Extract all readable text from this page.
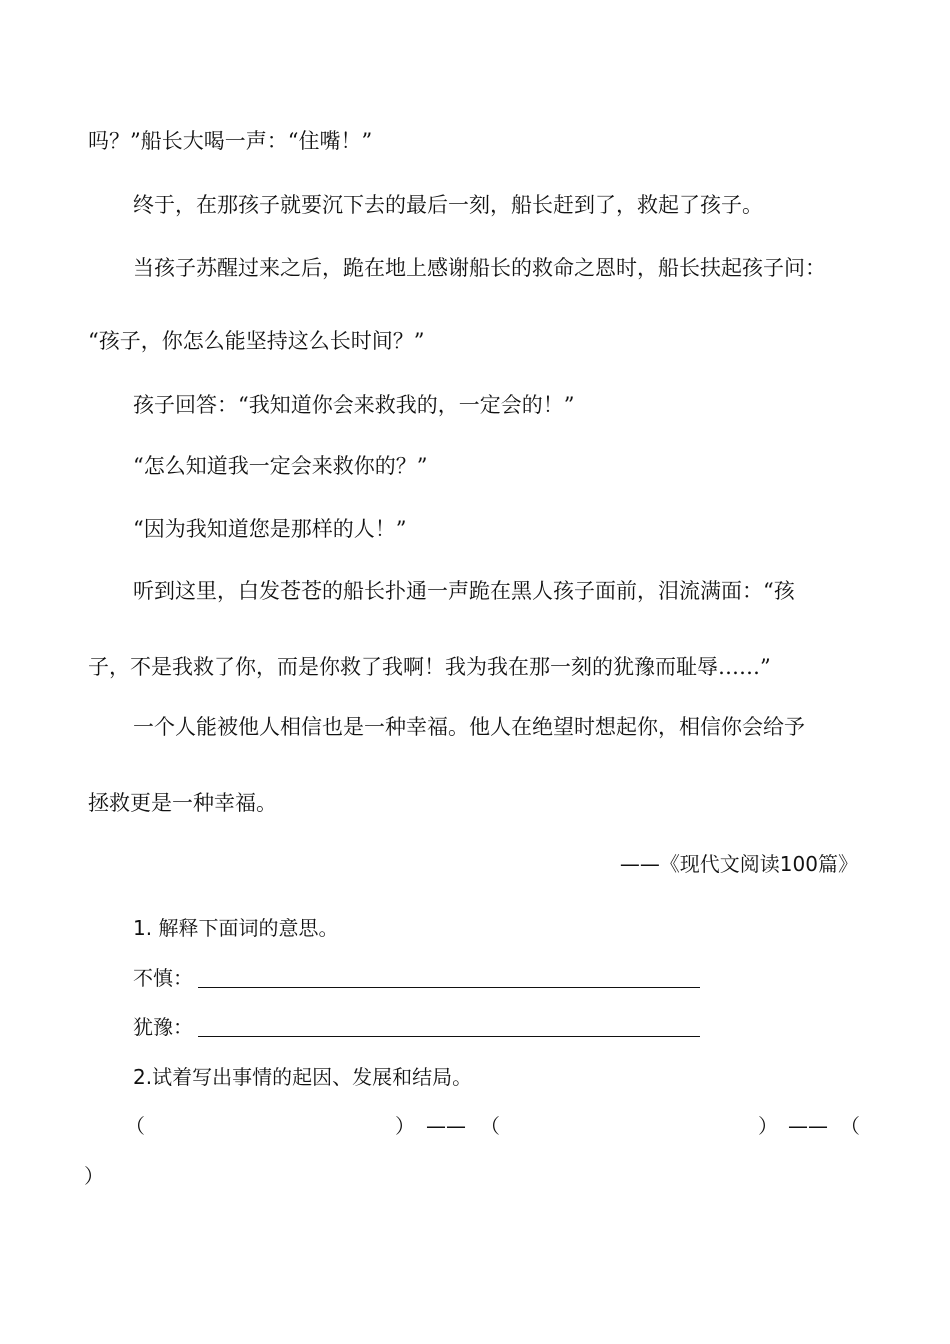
吗？”船长大喝一声：“住嘴！”
终于，在那孩子就要沉下去的最后一刻，船长赶到了，救起了孩子。
当孩子苏醒过来之后，跪在地上感谢船长的救命之恩时，船长扶起孩子问：
“孩子，你怎么能坚持这么长时间？”
孩子回答：“我知道你会来救我的，一定会的！”
“怎么知道我一定会来救你的？”
“因为我知道您是那样的人！”
听到这里，白发苍苍的船长扑通一声跪在黑人孩子面前，泪流满面：“孩
子，不是我救了你，而是你救了我啊！我为我在那一刻的犹豫而耻辱……”
一个人能被他人相信也是一种幸福。他人在绝望时想起你，相信你会给予
拯救更是一种幸福。
——《现代文阅读100篇》
1. 解释下面词的意思。
不慎：
犹豫：
2.试着写出事情的起因、发展和结局。
（	） —— （	） —— （
）
